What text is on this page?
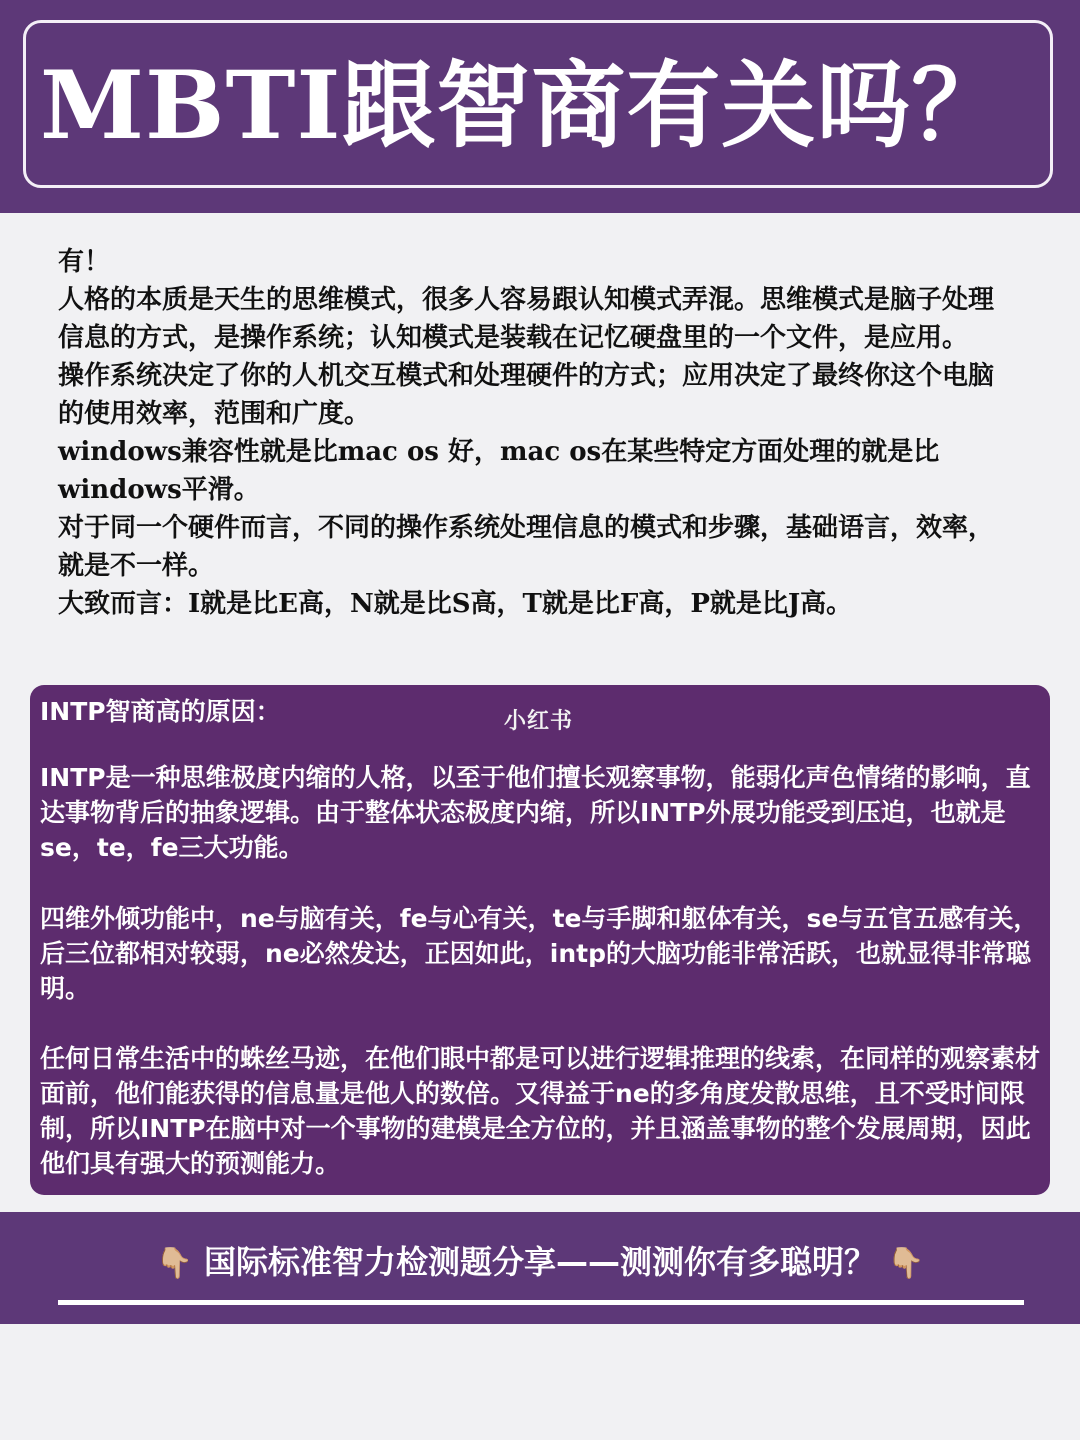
MBTI跟智商有关吗？

有！

人格的本质是天生的思维模式，很多人容易跟认知模式弄混。思维模式是脑子处理信息的方式，是操作系统；认知模式是装载在记忆硬盘里的一个文件，是应用。

操作系统决定了你的人机交互模式和处理硬件的方式；应用决定了最终你这个电脑的使用效率，范围和广度。

windows兼容性就是比mac os 好，mac os在某些特定方面处理的就是比windows平滑。

对于同一个硬件而言，不同的操作系统处理信息的模式和步骤，基础语言，效率，就是不一样。

大致而言：I就是比E高，N就是比S高，T就是比F高，P就是比J高。

INTP智商高的原因：	小红书

INTP是一种思维极度内缩的人格，以至于他们擅长观察事物，能弱化声色情绪的影响，直达事物背后的抽象逻辑。由于整体状态极度内缩，所以INTP外展功能受到压迫，也就是se，te，fe三大功能。

四维外倾功能中，ne与脑有关，fe与心有关，te与手脚和躯体有关，se与五官五感有关，后三位都相对较弱，ne必然发达，正因如此，intp的大脑功能非常活跃，也就显得非常聪明。

任何日常生活中的蛛丝马迹，在他们眼中都是可以进行逻辑推理的线索，在同样的观察素材面前，他们能获得的信息量是他人的数倍。又得益于ne的多角度发散思维，且不受时间限制，所以INTP在脑中对一个事物的建模是全方位的，并且涵盖事物的整个发展周期，因此他们具有强大的预测能力。

👇🏼 国际标准智力检测题分享——测测你有多聪明？ 👇🏼
